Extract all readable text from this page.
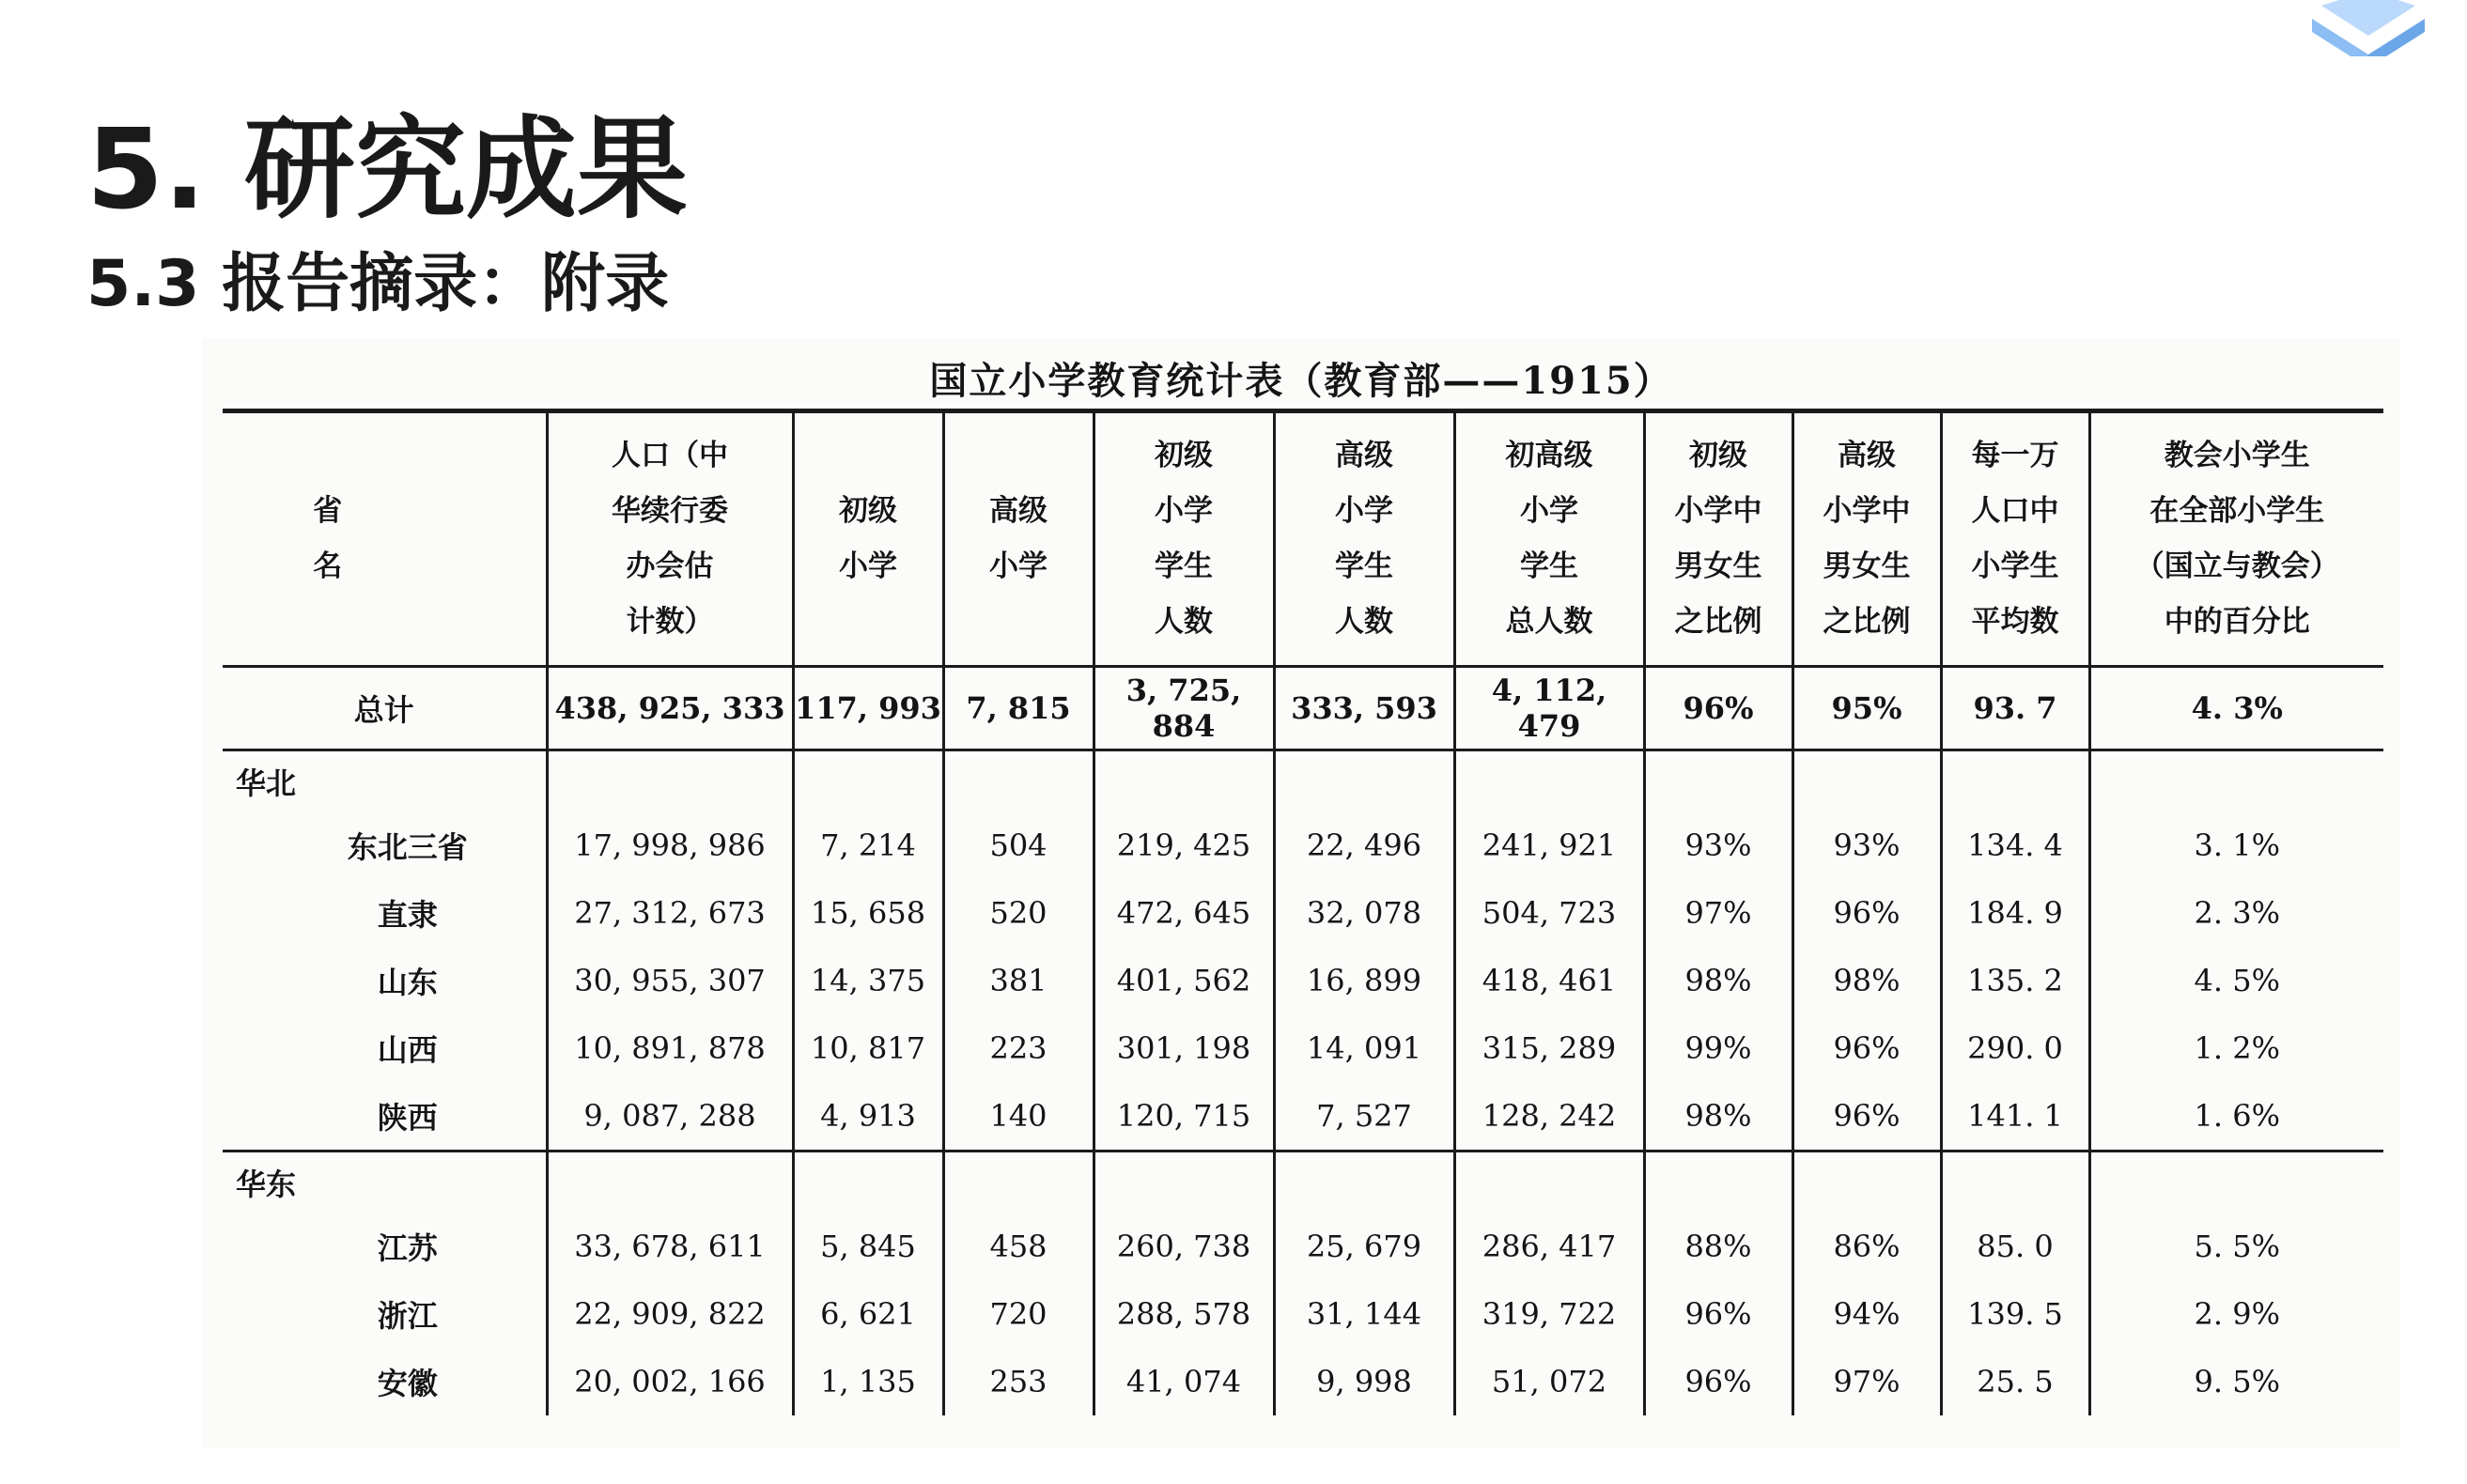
5. 研究成果
5.3 报告摘录：附录
国立小学教育统计表（教育部——1915）
省　名	人口（中
华续行委
办会估
计数）	初级
小学	高级
小学	初级
小学
学生
人数	高级
小学
学生
人数	初高级
小学
学生
总人数	初级
小学中
男女生
之比例	高级
小学中
男女生
之比例	每一万
人口中
小学生
平均数	教会小学生
在全部小学生
（国立与教会）
中的百分比

总计	438, 925, 333	117, 993	7, 815	3, 725, 884	333, 593	4, 112, 479	96%	95%	93. 7	4. 3%
华北										
东北三省	17, 998, 986	7, 214	504	219, 425	22, 496	241, 921	93%	93%	134. 4	3. 1%
直隶	27, 312, 673	15, 658	520	472, 645	32, 078	504, 723	97%	96%	184. 9	2. 3%
山东	30, 955, 307	14, 375	381	401, 562	16, 899	418, 461	98%	98%	135. 2	4. 5%
山西	10, 891, 878	10, 817	223	301, 198	14, 091	315, 289	99%	96%	290. 0	1. 2%
陕西	9, 087, 288	4, 913	140	120, 715	7, 527	128, 242	98%	96%	141. 1	1. 6%
华东										
江苏	33, 678, 611	5, 845	458	260, 738	25, 679	286, 417	88%	86%	85. 0	5. 5%
浙江	22, 909, 822	6, 621	720	288, 578	31, 144	319, 722	96%	94%	139. 5	2. 9%
安徽	20, 002, 166	1, 135	253	41, 074	9, 998	51, 072	96%	97%	25. 5	9. 5%
